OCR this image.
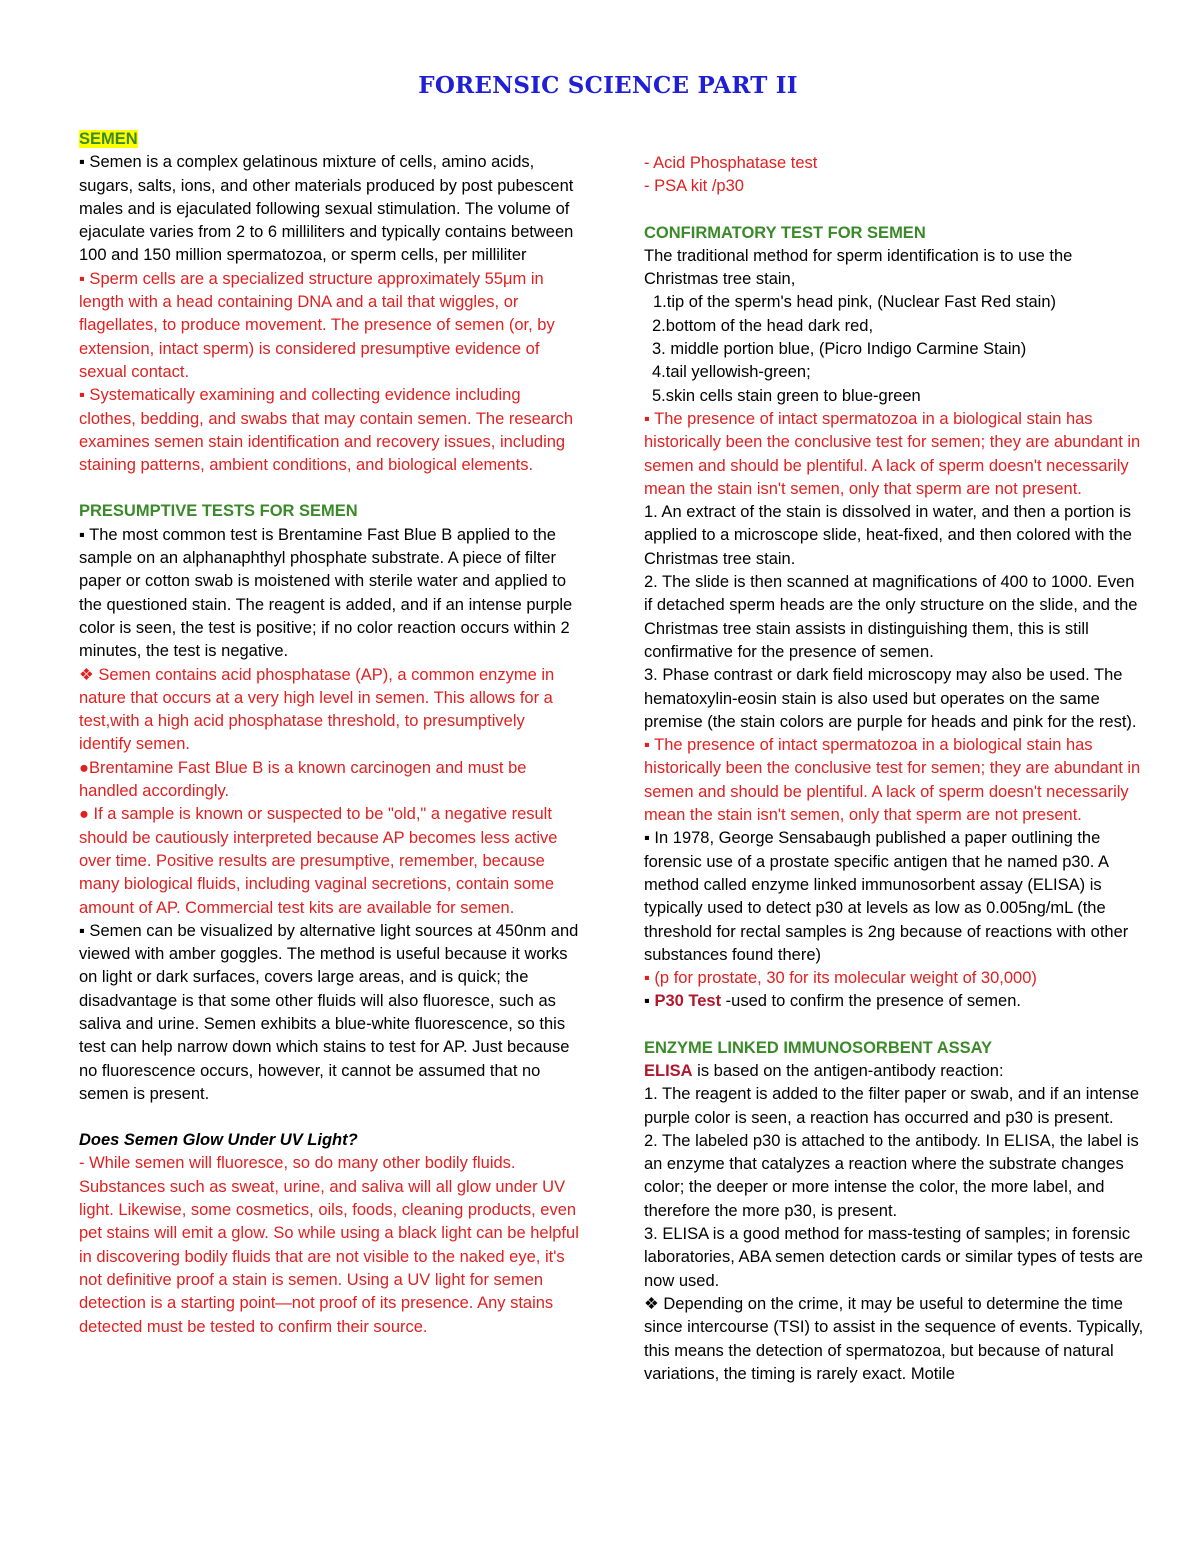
FORENSIC SCIENCE PART II

SEMEN

▪ Semen is a complex gelatinous mixture of cells, amino acids, sugars, salts, ions, and other materials produced by post pubescent males and is ejaculated following sexual stimulation. The volume of ejaculate varies from 2 to 6 milliliters and typically contains between 100 and 150 million spermatozoa, or sperm cells, per milliliter

▪ Sperm cells are a specialized structure approximately 55μm in length with a head containing DNA and a tail that wiggles, or flagellates, to produce movement. The presence of semen (or, by extension, intact sperm) is considered presumptive evidence of sexual contact.

▪ Systematically examining and collecting evidence including clothes, bedding, and swabs that may contain semen. The research examines semen stain identification and recovery issues, including staining patterns, ambient conditions, and biological elements.

PRESUMPTIVE TESTS FOR SEMEN

▪ The most common test is Brentamine Fast Blue B applied to the sample on an alphanaphthyl phosphate substrate. A piece of filter paper or cotton swab is moistened with sterile water and applied to the questioned stain. The reagent is added, and if an intense purple color is seen, the test is positive; if no color reaction occurs within 2 minutes, the test is negative.

❖ Semen contains acid phosphatase (AP), a common enzyme in nature that occurs at a very high level in semen. This allows for a test,with a high acid phosphatase threshold, to presumptively identify semen.

●Brentamine Fast Blue B is a known carcinogen and must be handled accordingly.

● If a sample is known or suspected to be "old," a negative result should be cautiously interpreted because AP becomes less active over time. Positive results are presumptive, remember, because many biological fluids, including vaginal secretions, contain some amount of AP. Commercial test kits are available for semen.

▪ Semen can be visualized by alternative light sources at 450nm and viewed with amber goggles. The method is useful because it works on light or dark surfaces, covers large areas, and is quick; the disadvantage is that some other fluids will also fluoresce, such as saliva and urine. Semen exhibits a blue-white fluorescence, so this test can help narrow down which stains to test for AP. Just because no fluorescence occurs, however, it cannot be assumed that no semen is present.

Does Semen Glow Under UV Light?

- While semen will fluoresce, so do many other bodily fluids. Substances such as sweat, urine, and saliva will all glow under UV light. Likewise, some cosmetics, oils, foods, cleaning products, even pet stains will emit a glow. So while using a black light can be helpful in discovering bodily fluids that are not visible to the naked eye, it's not definitive proof a stain is semen. Using a UV light for semen detection is a starting point—not proof of its presence. Any stains detected must be tested to confirm their source.

- Acid Phosphatase test

- PSA kit /p30

CONFIRMATORY TEST FOR SEMEN

The traditional method for sperm identification is to use the Christmas tree stain,

1.tip of the sperm's head pink, (Nuclear Fast Red stain)

2.bottom of the head dark red,

3. middle portion blue, (Picro Indigo Carmine Stain)

4.tail yellowish-green;

5.skin cells stain green to blue-green

▪ The presence of intact spermatozoa in a biological stain has historically been the conclusive test for semen; they are abundant in semen and should be plentiful. A lack of sperm doesn't necessarily mean the stain isn't semen, only that sperm are not present.

1. An extract of the stain is dissolved in water, and then a portion is applied to a microscope slide, heat-fixed, and then colored with the Christmas tree stain.

2. The slide is then scanned at magnifications of 400 to 1000. Even if detached sperm heads are the only structure on the slide, and the Christmas tree stain assists in distinguishing them, this is still confirmative for the presence of semen.

3. Phase contrast or dark field microscopy may also be used. The hematoxylin-eosin stain is also used but operates on the same premise (the stain colors are purple for heads and pink for the rest).

▪ The presence of intact spermatozoa in a biological stain has historically been the conclusive test for semen; they are abundant in semen and should be plentiful. A lack of sperm doesn't necessarily mean the stain isn't semen, only that sperm are not present.

▪ In 1978, George Sensabaugh published a paper outlining the forensic use of a prostate specific antigen that he named p30. A method called enzyme linked immunosorbent assay (ELISA) is typically used to detect p30 at levels as low as 0.005ng/mL (the threshold for rectal samples is 2ng because of reactions with other substances found there)

▪ (p for prostate, 30 for its molecular weight of 30,000)

▪ P30 Test -used to confirm the presence of semen.

ENZYME LINKED IMMUNOSORBENT ASSAY

ELISA is based on the antigen-antibody reaction:

1. The reagent is added to the filter paper or swab, and if an intense purple color is seen, a reaction has occurred and p30 is present.

2. The labeled p30 is attached to the antibody. In ELISA, the label is an enzyme that catalyzes a reaction where the substrate changes color; the deeper or more intense the color, the more label, and therefore the more p30, is present.

3. ELISA is a good method for mass-testing of samples; in forensic laboratories, ABA semen detection cards or similar types of tests are now used.

❖ Depending on the crime, it may be useful to determine the time since intercourse (TSI) to assist in the sequence of events. Typically, this means the detection of spermatozoa, but because of natural variations, the timing is rarely exact. Motile
